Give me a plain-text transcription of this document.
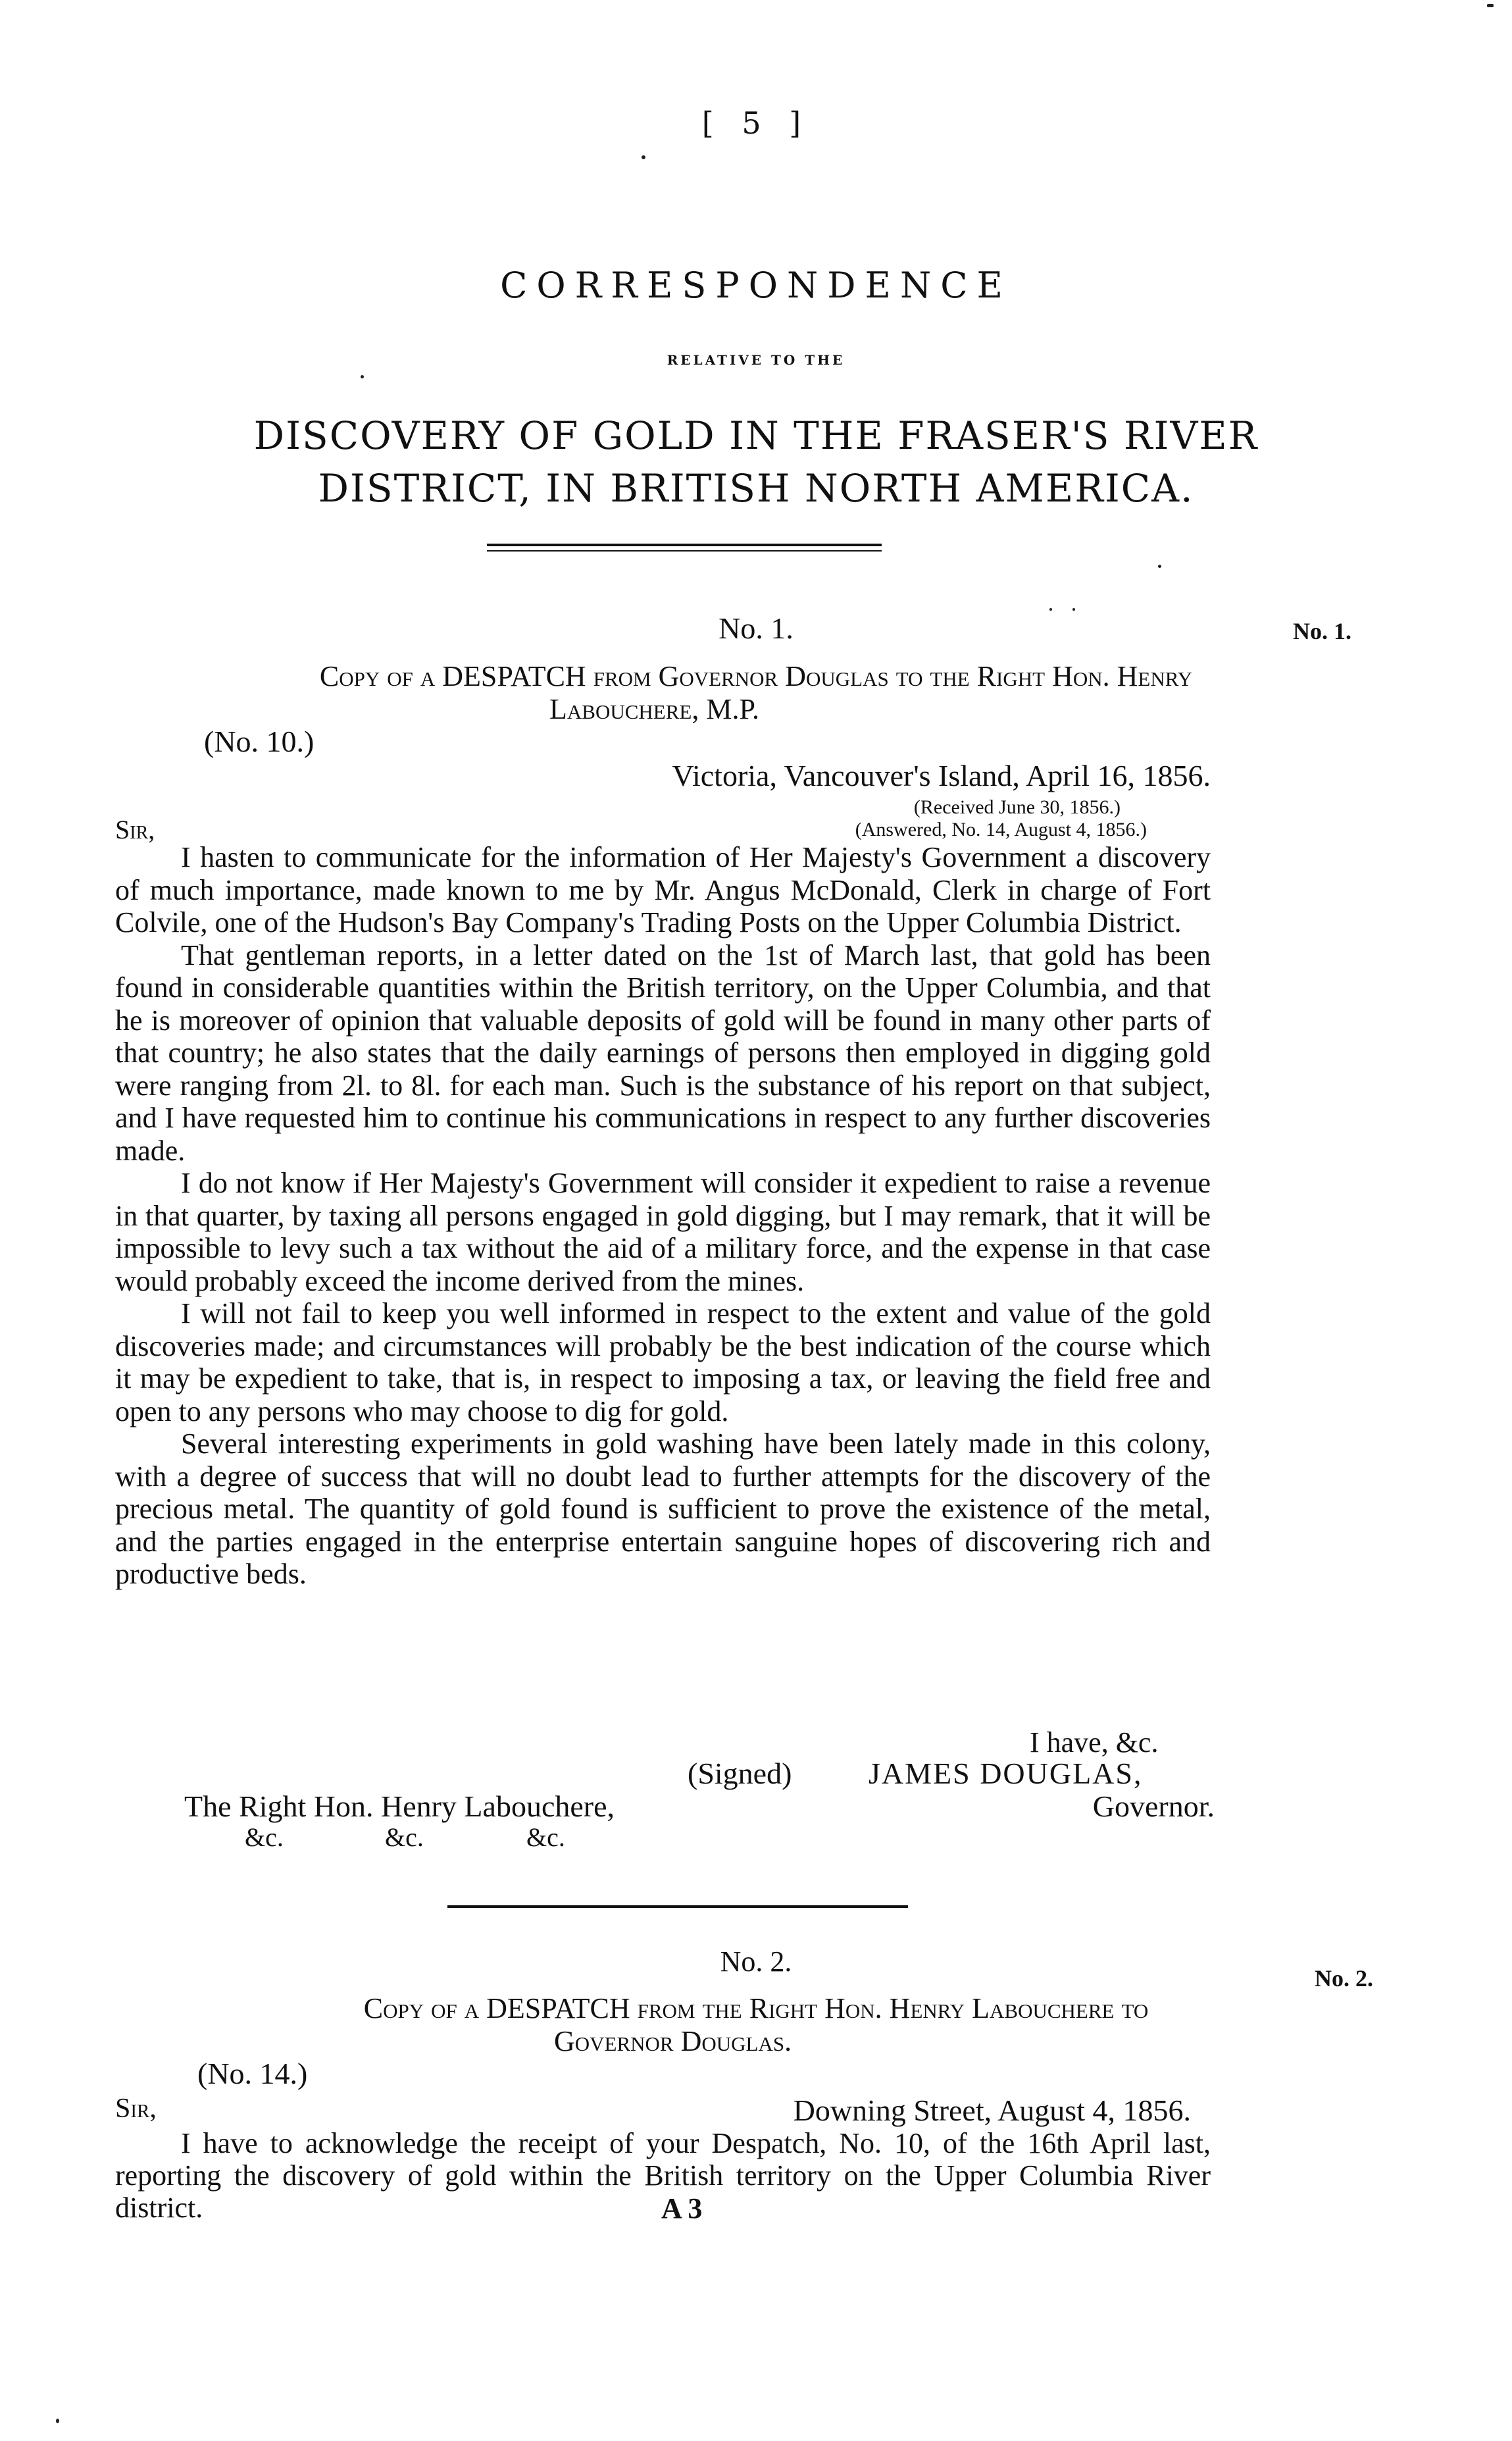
[ 5 ]
CORRESPONDENCE
RELATIVE TO THE
DISCOVERY OF GOLD IN THE FRASER'S RIVER
DISTRICT, IN BRITISH NORTH AMERICA.
No. 1.	No. 1.
Copy of a DESPATCH from Governor Douglas to the Right Hon. Henry
Labouchere, M.P.
(No. 10.)
Victoria, Vancouver's Island, April 16, 1856.
(Received June 30, 1856.)
Sir,	(Answered, No. 14, August 4, 1856.)

I hasten to communicate for the information of Her Majesty's Government a discovery of much importance, made known to me by Mr. Angus McDonald, Clerk in charge of Fort Colvile, one of the Hudson's Bay Company's Trading Posts on the Upper Columbia District.

That gentleman reports, in a letter dated on the 1st of March last, that gold has been found in considerable quantities within the British territory, on the Upper Columbia, and that he is moreover of opinion that valuable deposits of gold will be found in many other parts of that country; he also states that the daily earnings of persons then employed in digging gold were ranging from 2l. to 8l. for each man. Such is the substance of his report on that subject, and I have requested him to continue his communications in respect to any further discoveries made.

I do not know if Her Majesty's Government will consider it expedient to raise a revenue in that quarter, by taxing all persons engaged in gold digging, but I may remark, that it will be impossible to levy such a tax without the aid of a military force, and the expense in that case would probably exceed the income derived from the mines.

I will not fail to keep you well informed in respect to the extent and value of the gold discoveries made; and circumstances will probably be the best indication of the course which it may be expedient to take, that is, in respect to imposing a tax, or leaving the field free and open to any persons who may choose to dig for gold.

Several interesting experiments in gold washing have been lately made in this colony, with a degree of success that will no doubt lead to further attempts for the discovery of the precious metal. The quantity of gold found is sufficient to prove the existence of the metal, and the parties engaged in the enterprise entertain sanguine hopes of discovering rich and productive beds.

I have, &c.
(Signed)	JAMES DOUGLAS,
The Right Hon. Henry Labouchere,	Governor.
&c.	&c.	&c.
No. 2.
No. 2.
Copy of a DESPATCH from the Right Hon. Henry Labouchere to
Governor Douglas.
(No. 14.)
Sir,	Downing Street, August 4, 1856.

I have to acknowledge the receipt of your Despatch, No. 10, of the 16th April last, reporting the discovery of gold within the British territory on the Upper Columbia River district.	A 3
